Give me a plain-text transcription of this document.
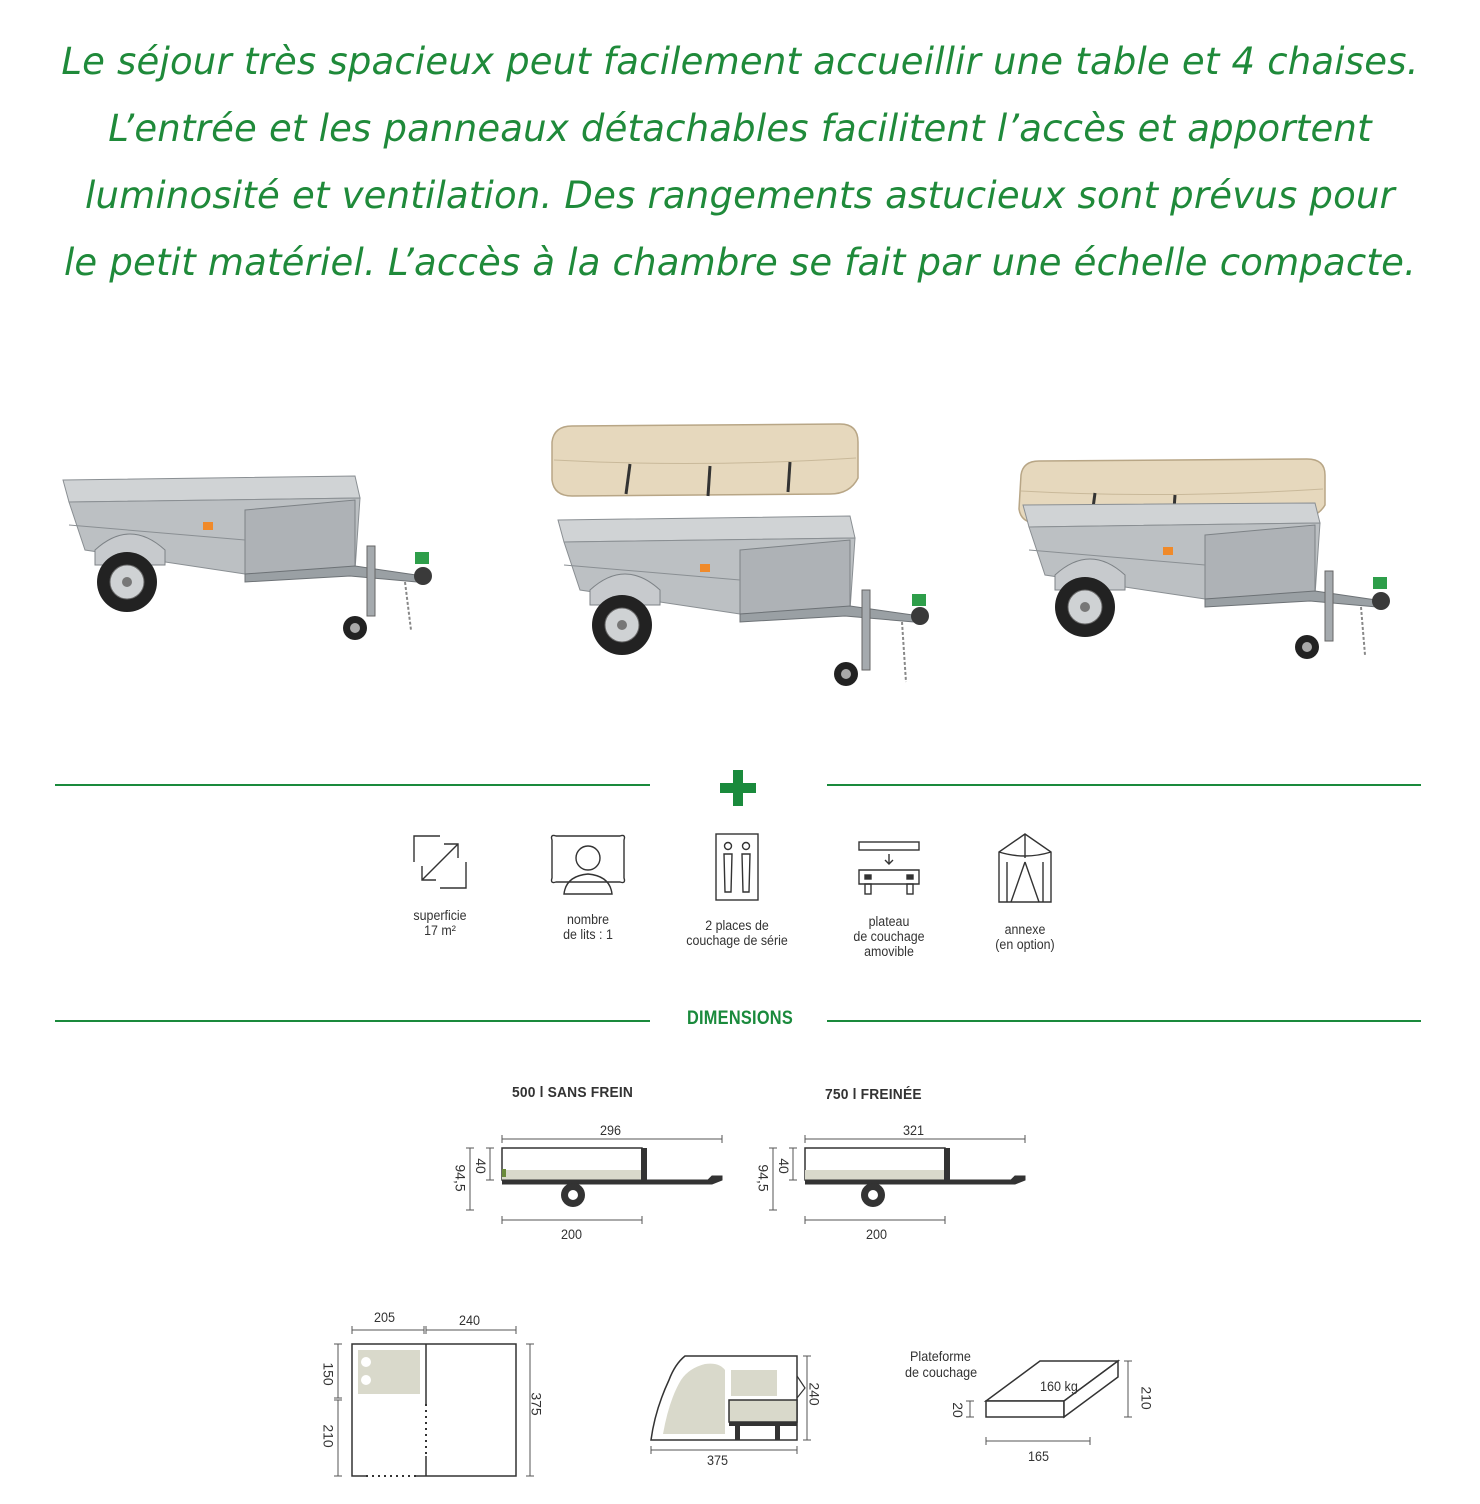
Le séjour très spacieux peut facilement accueillir une table et 4 chaises.
L’entrée et les panneaux détachables facilitent l’accès et apportent
luminosité et ventilation. Des rangements astucieux sont prévus pour
le petit matériel. L’accès à la chambre se fait par une échelle compacte.

superficie
17 m²
nombre
de lits : 1
2 places de
couchage de série
plateau
de couchage
amovible
annexe
(en option)
DIMENSIONS
500 l SANS FREIN
296
40
94,5
200
750 l FREINÉE
321
40
94,5
200
205	240
150
210
375
375
240
Plateforme
de couchage
160 kg
20
165
210
